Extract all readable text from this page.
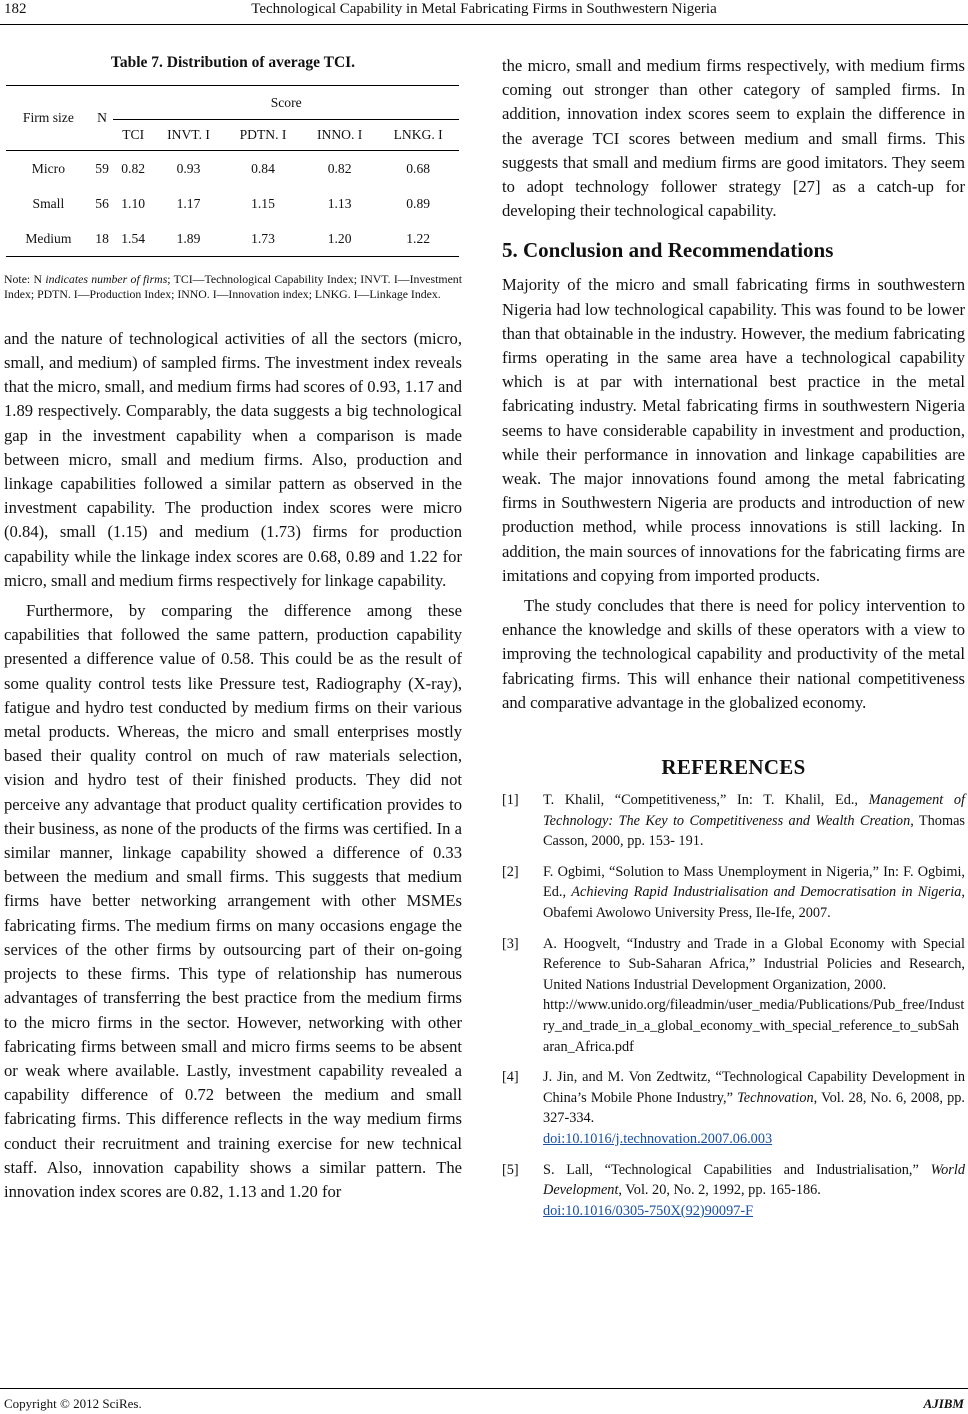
182	Technological Capability in Metal Fabricating Firms in Southwestern Nigeria
Table 7. Distribution of average TCI.
Firm size	N	Score				
		TCI	INVT. I	PDTN. I	INNO. I	LNKG. I
Micro	59	0.82	0.93	0.84	0.82	0.68
Small	56	1.10	1.17	1.15	1.13	0.89
Medium	18	1.54	1.89	1.73	1.20	1.22
Note: N indicates number of firms; TCI—Technological Capability Index; INVT. I—Investment Index; PDTN. I—Production Index; INNO. I—Innovation index; LNKG. I—Linkage Index.

and the nature of technological activities of all the sectors (micro, small, and medium) of sampled firms. The investment index reveals that the micro, small, and medium firms had scores of 0.93, 1.17 and 1.89 respectively. Comparably, the data suggests a big technological gap in the investment capability when a comparison is made between micro, small and medium firms. Also, production and linkage capabilities followed a similar pattern as observed in the investment capability. The production index scores were micro (0.84), small (1.15) and medium (1.73) firms for production capability while the linkage index scores are 0.68, 0.89 and 1.22 for micro, small and medium firms respectively for linkage capability.

Furthermore, by comparing the difference among these capabilities that followed the same pattern, production capability presented a difference value of 0.58. This could be as the result of some quality control tests like Pressure test, Radiography (X-ray), fatigue and hydro test conducted by medium firms on their various metal products. Whereas, the micro and small enterprises mostly based their quality control on much of raw materials selection, vision and hydro test of their finished products. They did not perceive any advantage that product quality certification provides to their business, as none of the products of the firms was certified. In a similar manner, linkage capability showed a difference of 0.33 between the medium and small firms. This suggests that medium firms have better networking arrangement with other MSMEs fabricating firms. The medium firms on many occasions engage the services of the other firms by outsourcing part of their on-going projects to these firms. This type of relationship has numerous advantages of transferring the best practice from the medium firms to the micro firms in the sector. However, networking with other fabricating firms between small and micro firms seems to be absent or weak where available. Lastly, investment capability revealed a capability difference of 0.72 between the medium and small fabricating firms. This difference reflects in the way medium firms conduct their recruitment and training exercise for new technical staff. Also, innovation capability shows a similar pattern. The innovation index scores are 0.82, 1.13 and 1.20 for

the micro, small and medium firms respectively, with medium firms coming out stronger than other category of sampled firms. In addition, innovation index scores seem to explain the difference in the average TCI scores between medium and small firms. This suggests that small and medium firms are good imitators. They seem to adopt technology follower strategy [27] as a catch-up for developing their technological capability.

5. Conclusion and Recommendations

Majority of the micro and small fabricating firms in southwestern Nigeria had low technological capability. This was found to be lower than that obtainable in the industry. However, the medium fabricating firms operating in the same area have a technological capability which is at par with international best practice in the metal fabricating industry. Metal fabricating firms in southwestern Nigeria seems to have considerable capability in investment and production, while their performance in innovation and linkage capabilities are weak. The major innovations found among the metal fabricating firms in Southwestern Nigeria are products and introduction of new production method, while process innovations is still lacking. In addition, the main sources of innovations for the fabricating firms are imitations and copying from imported products.

The study concludes that there is need for policy intervention to enhance the knowledge and skills of these operators with a view to improving the technological capability and productivity of the metal fabricating firms. This will enhance their national competitiveness and comparative advantage in the globalized economy.

REFERENCES
[1] T. Khalil, “Competitiveness,” In: T. Khalil, Ed., Management of Technology: The Key to Competitiveness and Wealth Creation, Thomas Casson, 2000, pp. 153- 191.
[2] F. Ogbimi, “Solution to Mass Unemployment in Nigeria,” In: F. Ogbimi, Ed., Achieving Rapid Industrialisation and Democratisation in Nigeria, Obafemi Awolowo University Press, Ile-Ife, 2007.
[3] A. Hoogvelt, “Industry and Trade in a Global Economy with Special Reference to Sub-Saharan Africa,” Industrial Policies and Research, United Nations Industrial Development Organization, 2000.
http://www.unido.org/fileadmin/user_media/Publications/Pub_free/Industry_and_trade_in_a_global_economy_with_special_reference_to_subSaharan_Africa.pdf
[4] J. Jin, and M. Von Zedtwitz, “Technological Capability Development in China’s Mobile Phone Industry,” Technovation, Vol. 28, No. 6, 2008, pp. 327-334.
doi:10.1016/j.technovation.2007.06.003
[5] S. Lall, “Technological Capabilities and Industrialisation,” World Development, Vol. 20, No. 2, 1992, pp. 165-186.
doi:10.1016/0305-750X(92)90097-F
Copyright © 2012 SciRes.	AJIBM
